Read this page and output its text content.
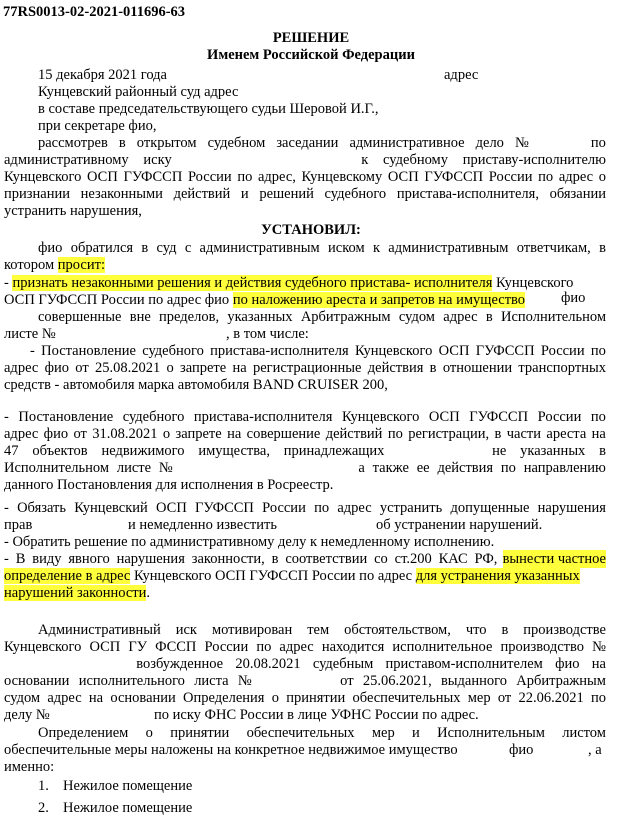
77RS0013-02-2021-011696-63
РЕШЕНИЕ
Именем Российской Федерации
15 декабря 2021 года	адрес
Кунцевский районный суд адрес
в составе председательствующего судьи Шеровой И.Г.,
при секретаре фио,
рассмотрев в открытом судебном заседании административное дело №	по
административному иску	к судебному приставу-исполнителю
Кунцевского ОСП ГУФССП России по адрес, Кунцевскому ОСП ГУФССП России по адрес о
признании незаконными действий и решений судебного пристава-исполнителя, обязании
устранить нарушения,
УСТАНОВИЛ:
фио обратился в суд с административным иском к административным ответчикам, в
котором просит:
- признать незаконными решения и действия судебного пристава- исполнителя Кунцевского
ОСП ГУФССП России по адрес фио по наложению ареста и запретов на имущество фио
совершенные вне пределов, указанных Арбитражным судом адрес в Исполнительном
листе №	, в том числе:
- Постановление судебного пристава-исполнителя Кунцевского ОСП ГУФССП России по
адрес фио от 25.08.2021 о запрете на регистрационные действия в отношении транспортных
средств - автомобиля марка автомобиля BAND CRUISER 200,
- Постановление судебного пристава-исполнителя Кунцевского ОСП ГУФССП России по
адрес фио от 31.08.2021 о запрете на совершение действий по регистрации, в части ареста на
47 объектов недвижимого имущества, принадлежащих	не указанных в
Исполнительном листе №	а также ее действия по направлению
данного Постановления для исполнения в Росреестр.
- Обязать Кунцевский ОСП ГУФССП России по адрес устранить допущенные нарушения
прав	и немедленно известить	об устранении нарушений.
- Обратить решение по административному делу к немедленному исполнению.
- В виду явного нарушения законности, в соответствии со ст.200 КАС РФ, вынести частное
определение в адрес Кунцевского ОСП ГУФССП России по адрес для устранения указанных
нарушений законности.
Административный иск мотивирован тем обстоятельством, что в производстве
Кунцевского ОСП ГУ ФССП России по адрес находится исполнительное производство №
возбужденное 20.08.2021 судебным приставом-исполнителем фио на
основании исполнительного листа №	от 25.06.2021, выданного Арбитражным
судом адрес на основании Определения о принятии обеспечительных мер от 22.06.2021 по
делу №	по иску ФНС России в лице УФНС России по адрес.
Определением о принятии обеспечительных мер и Исполнительным листом
обеспечительные меры наложены на конкретное недвижимое имущество	фио	, а
именно:
1. Нежилое помещение
2. Нежилое помещение
